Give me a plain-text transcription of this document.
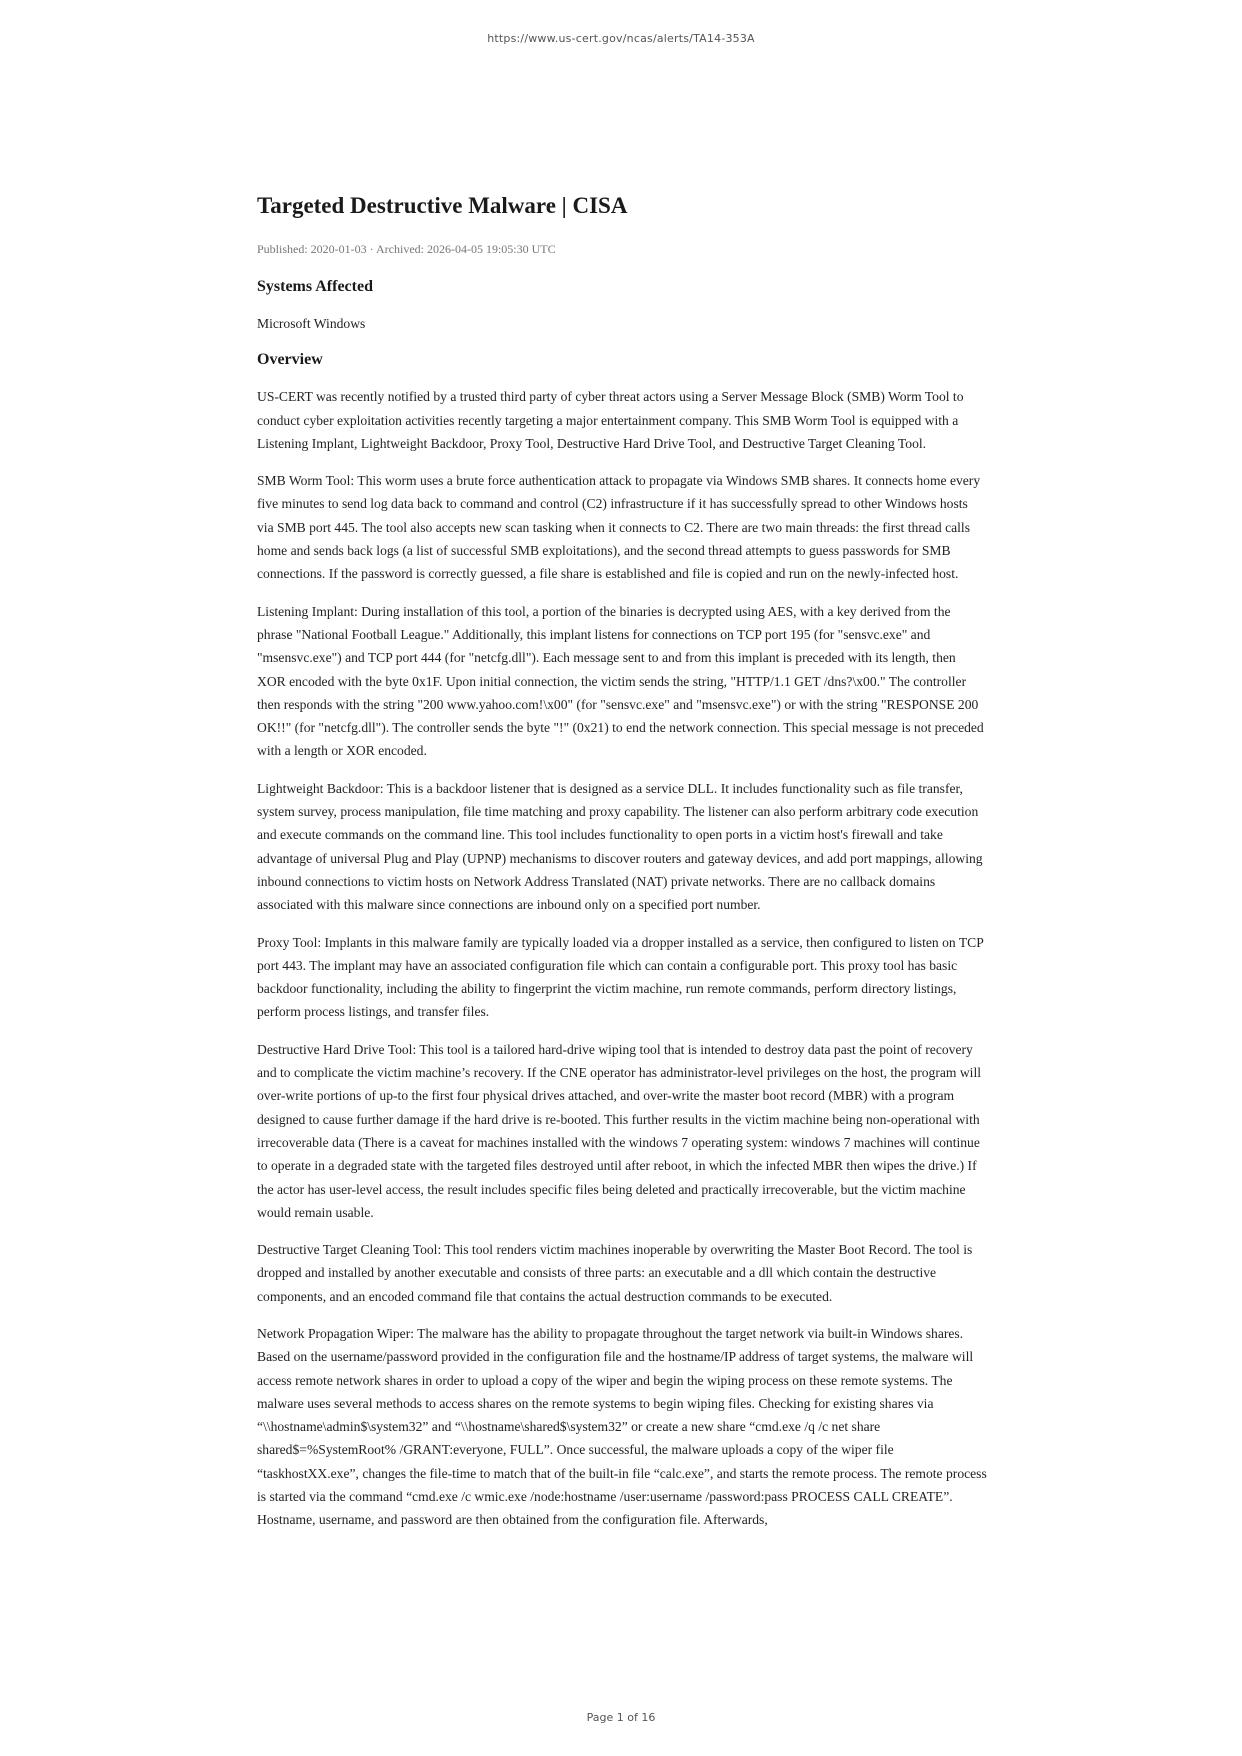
https://www.us-cert.gov/ncas/alerts/TA14-353A
Targeted Destructive Malware | CISA
Published: 2020-01-03 · Archived: 2026-04-05 19:05:30 UTC
Systems Affected

Microsoft Windows

Overview

US-CERT was recently notified by a trusted third party of cyber threat actors using a Server Message Block (SMB) Worm Tool to conduct cyber exploitation activities recently targeting a major entertainment company. This SMB Worm Tool is equipped with a Listening Implant, Lightweight Backdoor, Proxy Tool, Destructive Hard Drive Tool, and Destructive Target Cleaning Tool.

SMB Worm Tool: This worm uses a brute force authentication attack to propagate via Windows SMB shares. It connects home every five minutes to send log data back to command and control (C2) infrastructure if it has successfully spread to other Windows hosts via SMB port 445. The tool also accepts new scan tasking when it connects to C2. There are two main threads: the first thread calls home and sends back logs (a list of successful SMB exploitations), and the second thread attempts to guess passwords for SMB connections. If the password is correctly guessed, a file share is established and file is copied and run on the newly-infected host.

Listening Implant: During installation of this tool, a portion of the binaries is decrypted using AES, with a key derived from the phrase "National Football League." Additionally, this implant listens for connections on TCP port 195 (for "sensvc.exe" and "msensvc.exe") and TCP port 444 (for "netcfg.dll"). Each message sent to and from this implant is preceded with its length, then XOR encoded with the byte 0x1F. Upon initial connection, the victim sends the string, "HTTP/1.1 GET /dns?\x00." The controller then responds with the string "200 www.yahoo.com!\x00" (for "sensvc.exe" and "msensvc.exe") or with the string "RESPONSE 200 OK!!" (for "netcfg.dll"). The controller sends the byte "!" (0x21) to end the network connection. This special message is not preceded with a length or XOR encoded.

Lightweight Backdoor: This is a backdoor listener that is designed as a service DLL. It includes functionality such as file transfer, system survey, process manipulation, file time matching and proxy capability. The listener can also perform arbitrary code execution and execute commands on the command line. This tool includes functionality to open ports in a victim host's firewall and take advantage of universal Plug and Play (UPNP) mechanisms to discover routers and gateway devices, and add port mappings, allowing inbound connections to victim hosts on Network Address Translated (NAT) private networks. There are no callback domains associated with this malware since connections are inbound only on a specified port number.

Proxy Tool: Implants in this malware family are typically loaded via a dropper installed as a service, then configured to listen on TCP port 443. The implant may have an associated configuration file which can contain a configurable port. This proxy tool has basic backdoor functionality, including the ability to fingerprint the victim machine, run remote commands, perform directory listings, perform process listings, and transfer files.

Destructive Hard Drive Tool: This tool is a tailored hard-drive wiping tool that is intended to destroy data past the point of recovery and to complicate the victim machine’s recovery. If the CNE operator has administrator-level privileges on the host, the program will over-write portions of up-to the first four physical drives attached, and over-write the master boot record (MBR) with a program designed to cause further damage if the hard drive is re-booted. This further results in the victim machine being non-operational with irrecoverable data (There is a caveat for machines installed with the windows 7 operating system: windows 7 machines will continue to operate in a degraded state with the targeted files destroyed until after reboot, in which the infected MBR then wipes the drive.) If the actor has user-level access, the result includes specific files being deleted and practically irrecoverable, but the victim machine would remain usable.

Destructive Target Cleaning Tool: This tool renders victim machines inoperable by overwriting the Master Boot Record. The tool is dropped and installed by another executable and consists of three parts: an executable and a dll which contain the destructive components, and an encoded command file that contains the actual destruction commands to be executed.

Network Propagation Wiper: The malware has the ability to propagate throughout the target network via built-in Windows shares. Based on the username/password provided in the configuration file and the hostname/IP address of target systems, the malware will access remote network shares in order to upload a copy of the wiper and begin the wiping process on these remote systems. The malware uses several methods to access shares on the remote systems to begin wiping files. Checking for existing shares via “\\hostname\admin$\system32” and “\\hostname\shared$\system32” or create a new share “cmd.exe /q /c net share shared$=%SystemRoot% /GRANT:everyone, FULL”. Once successful, the malware uploads a copy of the wiper file “taskhostXX.exe”, changes the file-time to match that of the built-in file “calc.exe”, and starts the remote process. The remote process is started via the command “cmd.exe /c wmic.exe /node:hostname /user:username /password:pass PROCESS CALL CREATE”. Hostname, username, and password are then obtained from the configuration file. Afterwards,

Page 1 of 16
